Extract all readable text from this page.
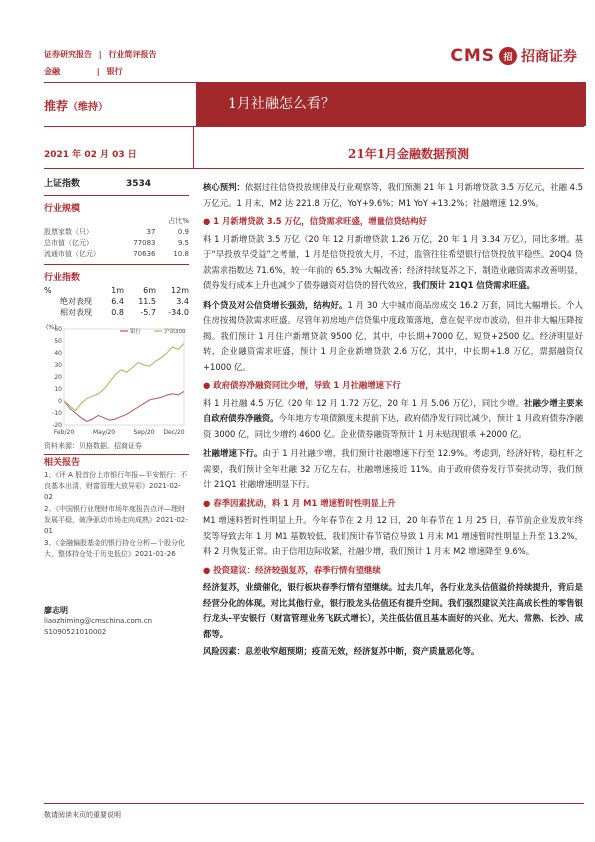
证券研究报告 | 行业简评报告
金融	| 银行
CMS 招 招商证券
推荐（维持）	1月社融怎么看？
2021 年 02 月 03 日	21年1月金融数据预测
上证指数	3534
行业规模
占比%
股票家数（只）	37	0.9
总市值（亿元）	77083	9.5
流通市值（亿元）	70636	10.8
行业指数
%	1m	6m	12m
绝对表现	6.4	11.5	3.4
相对表现	0.8	-5.7	-34.0
(%)
60
50
40
30
20
10
0
-10
-20
Feb/20	May/20	Sep/20 Dec/20
银行	沪深300
资料来源：贝格数据、招商证券
相关报告
1、《评 A 股首份上市银行年报—平安银行：不良基本出清，财富管理大放异彩》2021-02-02
2、《中国银行业理财市场年度报告点评—理财发展平稳，破净驱动市场走向成熟》2021-02-01
3、《金融偏股基金的银行持仓分析—个股分化大，整体持仓处于历史低位》2021-01-26
廖志明
liaozhiming@cmschina.com.cn
S1090521010002

核心预判：依据过往信贷投放规律及行业观察等，我们预测 21 年 1 月新增贷款 3.5 万亿元，社融 4.5 万亿元。1 月末，M2 达 221.8 万亿，YoY+9.6%；M1 YoY +13.2%；社融增速 12.9%。

● 1 月新增贷款 3.5 万亿，信贷需求旺盛，增量信贷结构好

料 1 月新增贷款 3.5 万亿（20 年 12 月新增贷款 1.26 万亿，20 年 1 月 3.34 万亿），同比多增。基于“早投放早受益”之考量，1 月是信贷投放大月，不过，监管往往希望银行信贷投放平稳些。20Q4 贷款需求指数达 71.6%，较一年前的 65.3% 大幅改善；经济持续复苏之下，制造业融资需求改善明显，债券发行成本上升也减少了债券融资对信贷的替代效应，我们预计 21Q1 信贷需求旺盛。

料个贷及对公信贷增长强劲，结构好。1 月 30 大中城市商品房成交 16.2 万套，同比大幅增长。个人住房按揭贷款需求旺盛。尽管年初房地产信贷集中度政策落地，意在促平房市波动，但并非大幅压降按揭。我们预计 1 月住户新增贷款 9500 亿，其中，中长期+7000 亿，短贷+2500 亿。经济明显好转，企业融资需求旺盛，预计 1 月企业新增贷款 2.6 万亿，其中，中长期+1.8 万亿，票据融资仅+1000 亿。

● 政府债券净融资同比少增，导致 1 月社融增速下行

料 1 月社融 4.5 万亿（20 年 12 月 1.72 万亿，20 年 1 月 5.06 万亿），同比少增。社融少增主要来自政府债券净融资。今年地方专项债额度未提前下达，政府债净发行同比减少，预计 1 月政府债券净融资 3000 亿，同比少增约 4600 亿。企业债券融资等预计 1 月未贴现银承 +2000 亿。

社融增速下行。由于 1 月社融少增，我们预计社融增速下行至 12.9%。考虑到，经济好转，稳杠杆之需要，我们预计全年社融 32 万亿左右，社融增速接近 11%。由于政府债券发行节奏扰动等，我们预计 21Q1 社融增速明显下行。

● 春季因素扰动，料 1 月 M1 增速暂时性明显上升

M1 增速料暂时性明显上升。今年春节在 2 月 12 日，20 年春节在 1 月 25 日，春节前企业发放年终奖等导致去年 1 月 M1 基数较低，我们预计春节错位导致 1 月末 M1 增速暂时性明显上升至 13.2%，料 2 月恢复正常。由于信用边际收紧，社融少增，我们预计 1 月末 M2 增速降至 9.6%。

● 投资建议：经济较强复苏，春季行情有望继续

经济复苏，业绩催化，银行板块春季行情有望继续。过去几年，各行业龙头估值溢价持续提升，背后是经营分化的体现。对比其他行业，银行股龙头估值还有提升空间。我们强烈建议关注高成长性的零售银行龙头-平安银行（财富管理业务飞跃式增长），关注低估值且基本面好的兴业、光大、常熟、长沙、成都等。

风险因素：息差收窄超预期；疫苗无效，经济复苏中断，资产质量恶化等。

敬请阅读末页的重要说明
